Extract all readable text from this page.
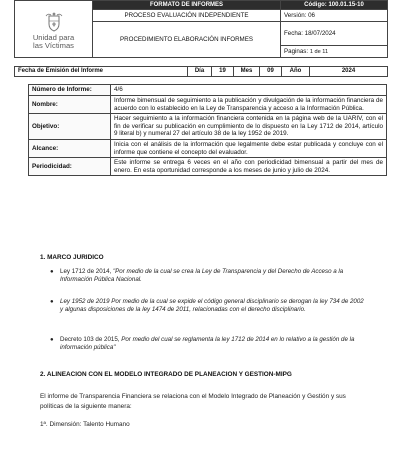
Unidad para
las Víctimas	FORMATO DE INFORMES	Código: 100.01.15-10

	PROCESO EVALUACIÓN INDEPENDIENTE	Versión: 06
	PROCEDIMIENTO ELABORACIÓN INFORMES	Fecha: 18/07/2024
		Paginas: 1 de 11
Fecha de Emisión del Informe	Día	19	Mes	09	Año	2024
Número de Informe:	4/6
Nombre:	Informe bimensual de seguimiento a la publicación y divulgación de la información financiera de acuerdo con lo establecido en la Ley de Transparencia y acceso a la Información Pública.
Objetivo:	Hacer seguimiento a la información financiera contenida en la página web de la UARIV, con el fin de verificar su publicación en cumplimiento de lo dispuesto en la Ley 1712 de 2014, artículo 9 literal b) y numeral 27 del artículo 38 de la ley 1952 de 2019.
Alcance:	Inicia con el análisis de la información que legalmente debe estar publicada y concluye con el informe que contiene el concepto del evaluador.
Periodicidad:	Este informe se entrega 6 veces en el año con periodicidad bimensual a partir del mes de enero. En esta oportunidad corresponde a los meses de junio y julio de 2024.
1. MARCO JURIDICO
● Ley 1712 de 2014, "Por medio de la cual se crea la Ley de Transparencia y del Derecho de Acceso a la Información Pública Nacional.
● Ley 1952 de 2019 Por medio de la cual se expide el código general disciplinario se derogan la ley 734 de 2002 y algunas disposiciones de la ley 1474 de 2011, relacionadas con el derecho disciplinario.
● Decreto 103 de 2015, Por medio del cual se reglamenta la ley 1712 de 2014 en lo relativo a la gestión de la información pública"
2. ALINEACION CON EL MODELO INTEGRADO DE PLANEACION Y GESTION-MIPG
El informe de Transparencia Financiera se relaciona con el Modelo Integrado de Planeación y Gestión y sus políticas de la siguiente manera:
1ª. Dimensión: Talento Humano
